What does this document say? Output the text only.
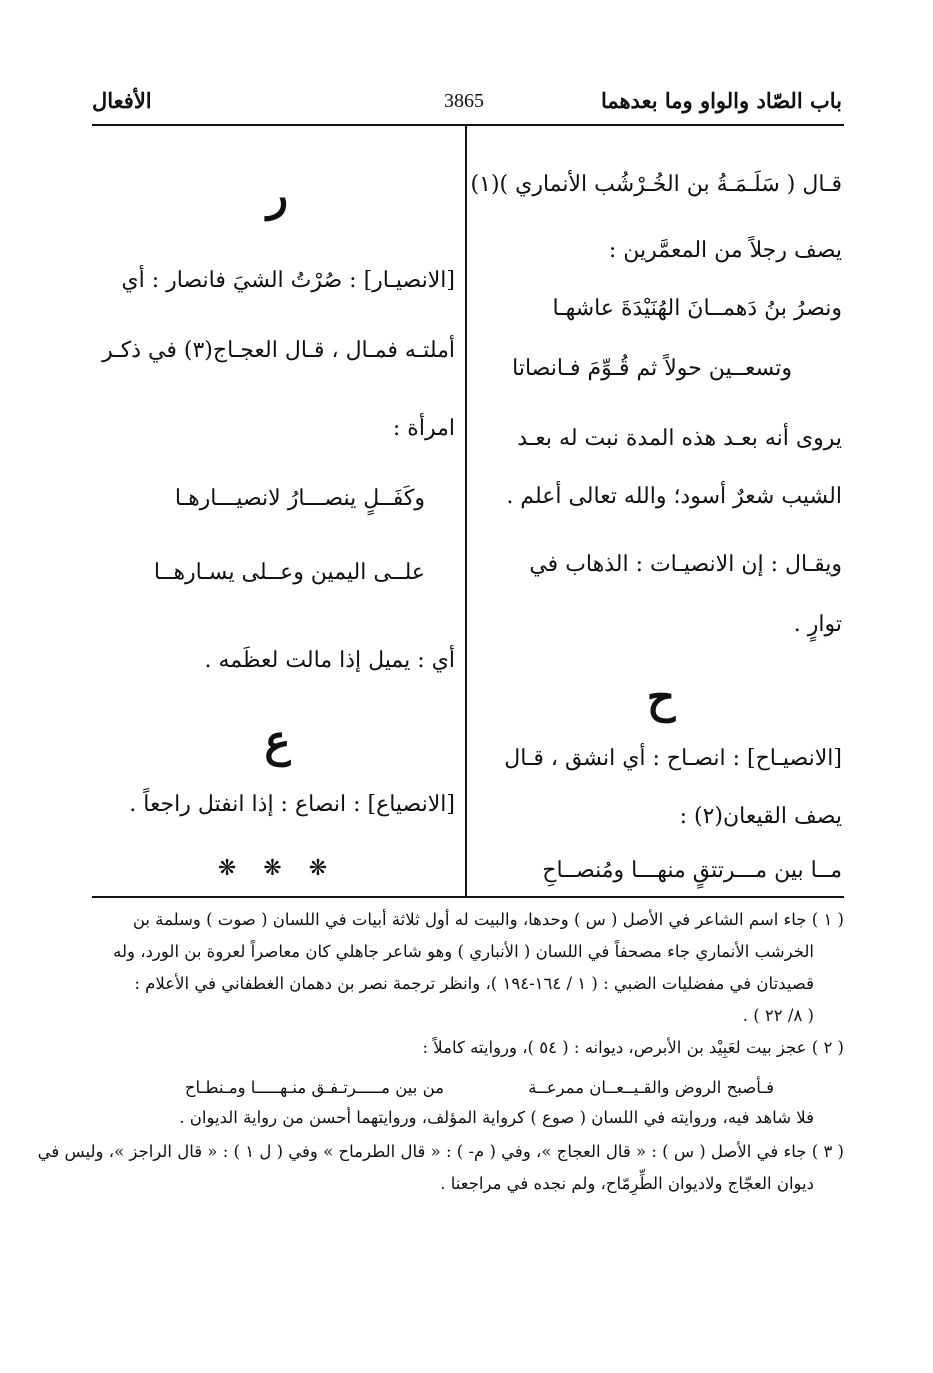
باب الصّاد والواو وما بعدهما
3865
الأفعال
قـال ( سَلَـمَـةُ بن الخُـرْشُب الأنماري )(١)
يصف رجلاً من المعمَّرين :
ونصرُ بنُ دَهمــانَ الهُنَيْدَةَ عاشهـا
وتسعــين حولاً ثم قُـوِّمَ فـانصاتا
يروى أنه بعـد هذه المدة نبت له بعـد
الشيب شعرٌ أسود؛ والله تعالى أعلم .
ويقـال : إن الانصيـات : الذهاب في
توارٍ .
ح
[الانصيـاح] : انصـاح : أي انشق ، قـال
يصف القيعان(٢) :
مــا بين مـــرتتقٍ منهـــا ومُنصــاحِ
ر
[الانصيـار] : صُرْتُ الشيَ فانصار : أي
أملتـه فمـال ، قـال العجـاج(٣) في ذكـر
امرأة :
وكَفَــلٍ ينصـــارُ لانصيـــارهـا
علــى اليمين وعــلى يسـارهــا
أي : يميل إذا مالت لعظَمه .
ع
[الانصياع] : انصاع : إذا انفتل راجعاً .
❋ ❋ ❋
( ١ ) جاء اسم الشاعر في الأصل ( س ) وحدها، والبيت له أول ثلاثة أبيات في اللسان ( صوت ) وسلمة بن
الخرشب الأنماري جاء مصحفاً في اللسان ( الأنباري ) وهو شاعر جاهلي كان معاصراً لعروة بن الورد، وله
قصيدتان في مفضليات الضبي : ( ١ / ١٦٤-١٩٤ )، وانظر ترجمة نصر بن دهمان الغطفاني في الأعلام :
( ٨/ ٢٢ ) .
( ٢ ) عجز بيت لعَبِيْد بن الأبرص، ديوانه : ( ٥٤ )، وروايته كاملاً :
فـأصبح الروض والقـيــعــان ممرعــة
من بين مـــــرتـفـق منـهـــــا ومـنطـاح
فلا شاهد فيه، وروايته في اللسان ( صوع ) كرواية المؤلف، وروايتهما أحسن من رواية الديوان .
( ٣ ) جاء في الأصل ( س ) : « قال العجاج »، وفي ( م- ) : « قال الطرماح » وفي ( ل ١ ) : « قال الراجز »، وليس في
ديوان العجّاج ولاديوان الطِّرِمّاح، ولم نجده في مراجعنا .
